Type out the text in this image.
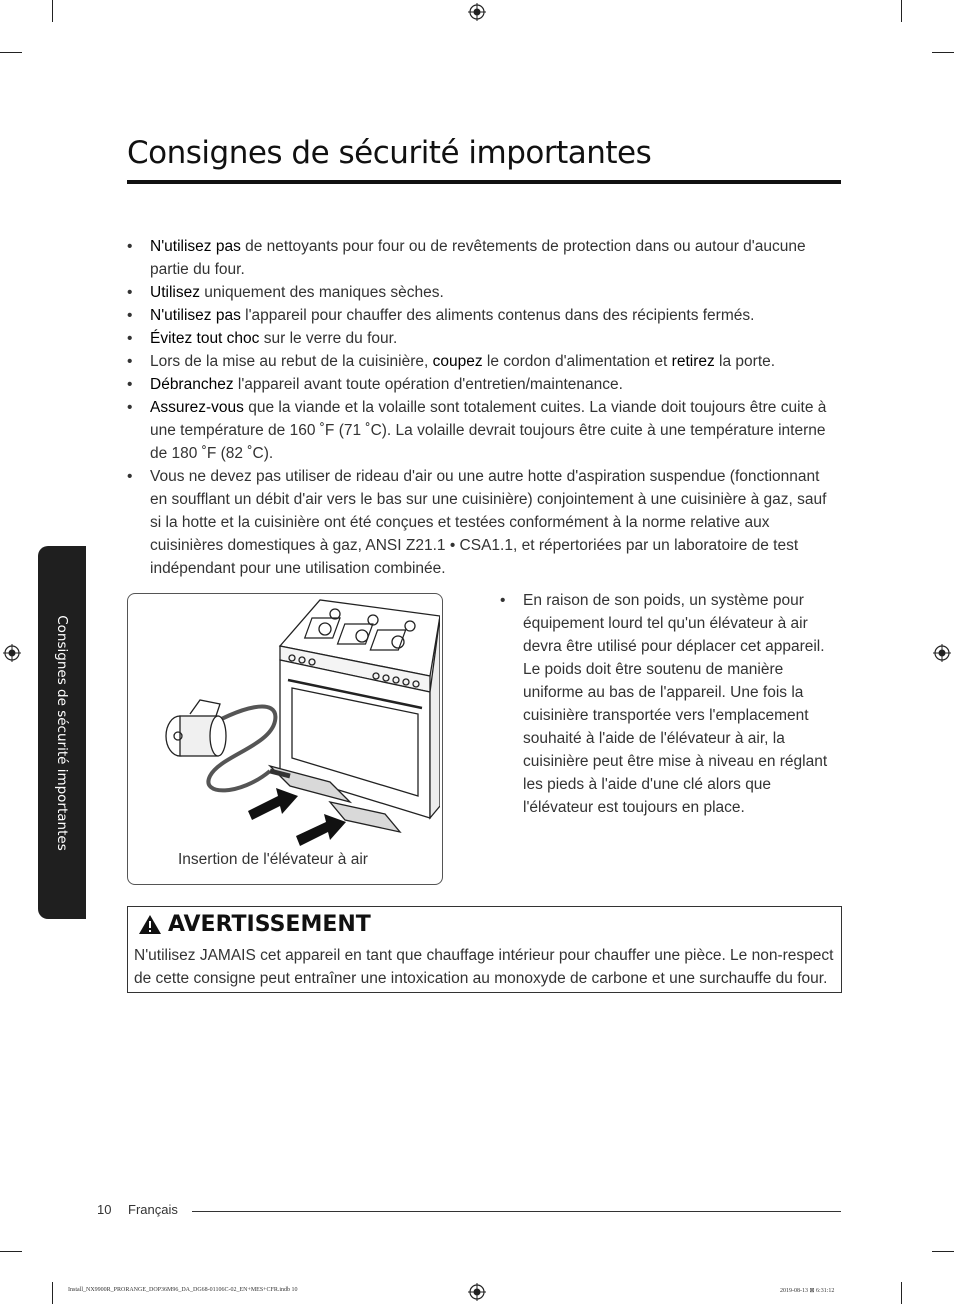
Consignes de sécurité importantes
Consignes de sécurité importantes
• N'utilisez pas de nettoyants pour four ou de revêtements de protection dans ou autour d'aucune partie du four.
• Utilisez uniquement des maniques sèches.
• N'utilisez pas l'appareil pour chauffer des aliments contenus dans des récipients fermés.
• Évitez tout choc sur le verre du four.
• Lors de la mise au rebut de la cuisinière, coupez le cordon d'alimentation et retirez la porte.
• Débranchez l'appareil avant toute opération d'entretien/maintenance.
• Assurez-vous que la viande et la volaille sont totalement cuites. La viande doit toujours être cuite à une température de 160 ˚F (71 ˚C). La volaille devrait toujours être cuite à une température interne de 180 ˚F (82 ˚C).
• Vous ne devez pas utiliser de rideau d'air ou une autre hotte d'aspiration suspendue (fonctionnant en soufflant un débit d'air vers le bas sur une cuisinière) conjointement à une cuisinière à gaz, sauf si la hotte et la cuisinière ont été conçues et testées conformément à la norme relative aux cuisinières domestiques à gaz, ANSI Z21.1 • CSA1.1, et répertoriées par un laboratoire de test indépendant pour une utilisation combinée.
Insertion de l'élévateur à air
• En raison de son poids, un système pour équipement lourd tel qu'un élévateur à air devra être utilisé pour déplacer cet appareil. Le poids doit être soutenu de manière uniforme au bas de l'appareil. Une fois la cuisinière transportée vers l'emplacement souhaité à l'aide de l'élévateur à air, la cuisinière peut être mise à niveau en réglant les pieds à l'aide d'une clé alors que l'élévateur est toujours en place.
AVERTISSEMENT
N'utilisez JAMAIS cet appareil en tant que chauffage intérieur pour chauffer une pièce. Le non-respect de cette consigne peut entraîner une intoxication au monoxyde de carbone et une surchauffe du four.
10 Français
Install_NX9900R_PRORANGE_DOP36M96_DA_DG68-01106C-02_EN+MES+CFR.indb 10	2019-08-13 ⊠ 6:31:12
